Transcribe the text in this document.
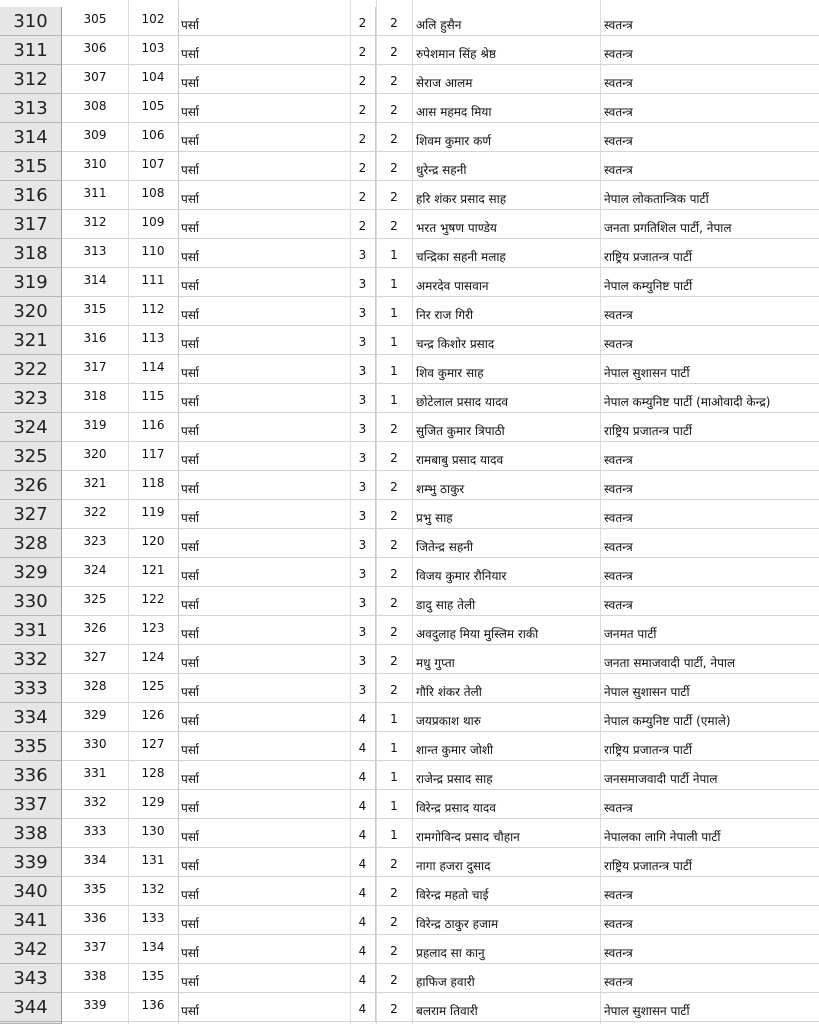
310	305	102	पर्सा	2	2	अलि हुसैन	स्वतन्त्र
311	306	103	पर्सा	2	2	रुपेशमान सिंह श्रेष्ठ	स्वतन्त्र
312	307	104	पर्सा	2	2	सेराज आलम	स्वतन्त्र
313	308	105	पर्सा	2	2	आस महमद मिया	स्वतन्त्र
314	309	106	पर्सा	2	2	शिवम कुमार कर्ण	स्वतन्त्र
315	310	107	पर्सा	2	2	धुरेन्द्र सहनी	स्वतन्त्र
316	311	108	पर्सा	2	2	हरि शंकर प्रसाद साह	नेपाल लोकतान्त्रिक पार्टी
317	312	109	पर्सा	2	2	भरत भुषण पाण्डेय	जनता प्रगतिशिल पार्टी, नेपाल
318	313	110	पर्सा	3	1	चन्द्रिका सहनी मलाह	राष्ट्रिय प्रजातन्त्र पार्टी
319	314	111	पर्सा	3	1	अमरदेव पासवान	नेपाल कम्युनिष्ट पार्टी
320	315	112	पर्सा	3	1	निर राज गिरी	स्वतन्त्र
321	316	113	पर्सा	3	1	चन्द्र किशोर प्रसाद	स्वतन्त्र
322	317	114	पर्सा	3	1	शिव कुमार साह	नेपाल सुशासन पार्टी
323	318	115	पर्सा	3	1	छोटेलाल प्रसाद यादव	नेपाल कम्युनिष्ट पार्टी (माओवादी केन्द्र)
324	319	116	पर्सा	3	2	सुजित कुमार त्रिपाठी	राष्ट्रिय प्रजातन्त्र पार्टी
325	320	117	पर्सा	3	2	रामबाबु प्रसाद यादव	स्वतन्त्र
326	321	118	पर्सा	3	2	शम्भु ठाकुर	स्वतन्त्र
327	322	119	पर्सा	3	2	प्रभु साह	स्वतन्त्र
328	323	120	पर्सा	3	2	जितेन्द्र सहनी	स्वतन्त्र
329	324	121	पर्सा	3	2	विजय कुमार रौनियार	स्वतन्त्र
330	325	122	पर्सा	3	2	डादु साह तेली	स्वतन्त्र
331	326	123	पर्सा	3	2	अवदुलाह मिया मुस्लिम राकी	जनमत पार्टी
332	327	124	पर्सा	3	2	मधु गुप्ता	जनता समाजवादी पार्टी, नेपाल
333	328	125	पर्सा	3	2	गौरि शंकर तेली	नेपाल सुशासन पार्टी
334	329	126	पर्सा	4	1	जयप्रकाश थारु	नेपाल कम्युनिष्ट पार्टी (एमाले)
335	330	127	पर्सा	4	1	शान्त कुमार जोशी	राष्ट्रिय प्रजातन्त्र पार्टी
336	331	128	पर्सा	4	1	राजेन्द्र प्रसाद साह	जनसमाजवादी पार्टी नेपाल
337	332	129	पर्सा	4	1	विरेन्द्र प्रसाद यादव	स्वतन्त्र
338	333	130	पर्सा	4	1	रामगोविन्द प्रसाद चौहान	नेपालका लागि नेपाली पार्टी
339	334	131	पर्सा	4	2	नागा हजरा दुसाद	राष्ट्रिय प्रजातन्त्र पार्टी
340	335	132	पर्सा	4	2	विरेन्द्र महतो चाई	स्वतन्त्र
341	336	133	पर्सा	4	2	विरेन्द्र ठाकुर हजाम	स्वतन्त्र
342	337	134	पर्सा	4	2	प्रहलाद सा कानु	स्वतन्त्र
343	338	135	पर्सा	4	2	हाफिज हवारी	स्वतन्त्र
344	339	136	पर्सा	4	2	बलराम तिवारी	नेपाल सुशासन पार्टी
